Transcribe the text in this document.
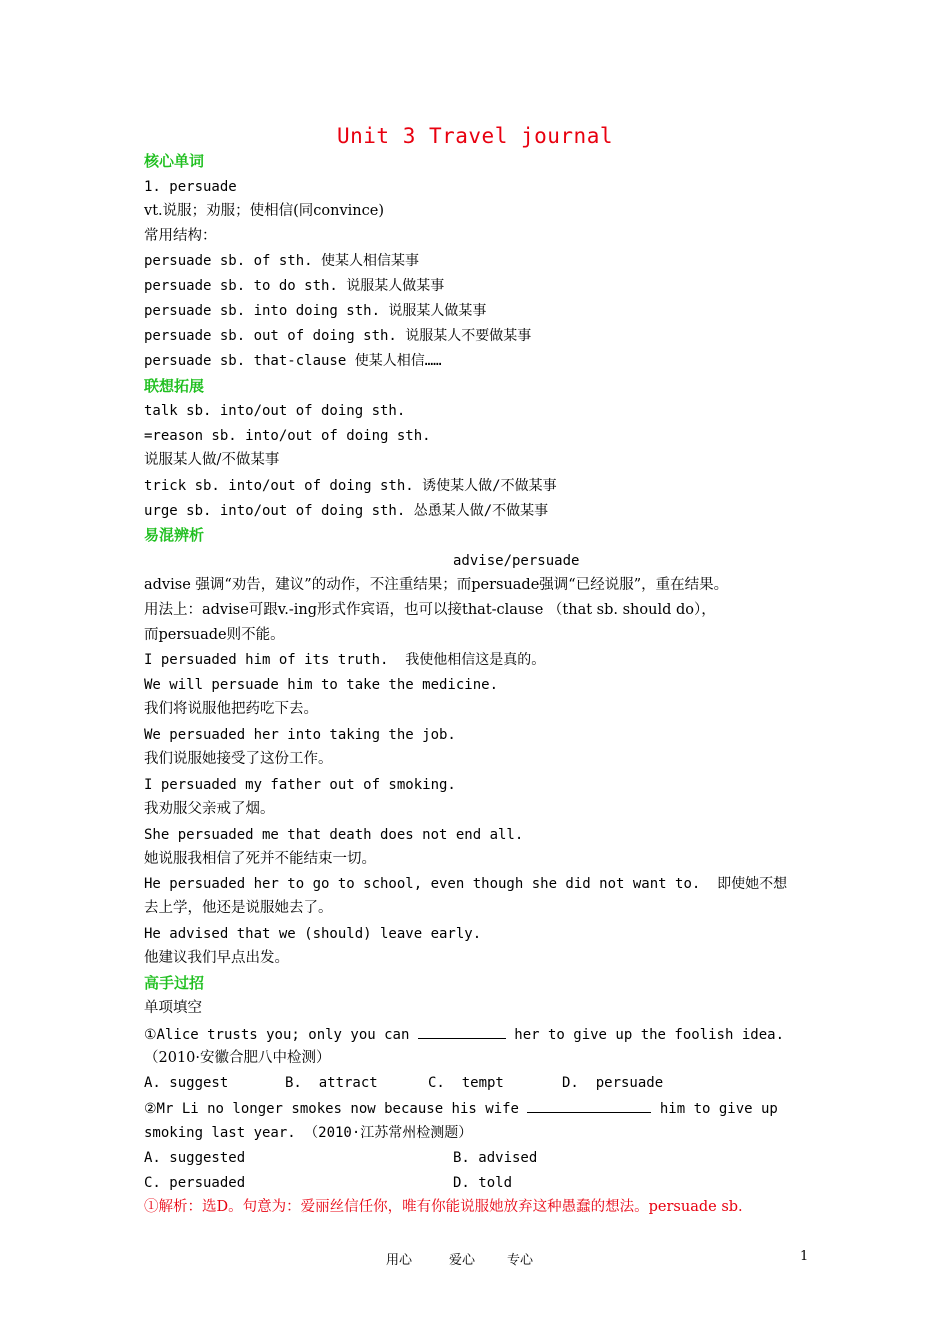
Unit 3 Travel journal
核心单词
1. persuade
vt.说服；劝服；使相信(同convince)
常用结构：
persuade sb. of sth. 使某人相信某事
persuade sb. to do sth. 说服某人做某事
persuade sb. into doing sth. 说服某人做某事
persuade sb. out of doing sth. 说服某人不要做某事
persuade sb. that-clause 使某人相信……
联想拓展
talk sb. into/out of doing sth.
=reason sb. into/out of doing sth.
说服某人做/不做某事
trick sb. into/out of doing sth. 诱使某人做/不做某事
urge sb. into/out of doing sth. 怂恿某人做/不做某事
易混辨析
advise/persuade
advise 强调“劝告，建议”的动作，不注重结果；而persuade强调“已经说服”，重在结果。
用法上：advise可跟v.-ing形式作宾语，也可以接that-clause （that sb. should do），
而persuade则不能。
I persuaded him of its truth.  我使他相信这是真的。
We will persuade him to take the medicine.
我们将说服他把药吃下去。
We persuaded her into taking the job.
我们说服她接受了这份工作。
I persuaded my father out of smoking.
我劝服父亲戒了烟。
She persuaded me that death does not end all.
她说服我相信了死并不能结束一切。
He persuaded her to go to school, even though she did not want to.  即使她不想
去上学，他还是说服她去了。
He advised that we (should) leave early.
他建议我们早点出发。
高手过招
单项填空
①Alice trusts you; only you can	her to give up the foolish idea.
（2010·安徽合肥八中检测）
A. suggest	B.  attract	C.  tempt	D.  persuade
②Mr Li no longer smokes now because his wife	him to give up
smoking last year. （2010·江苏常州检测题）
A. suggested	B. advised
C. persuaded	D. told
①解析：选D。句意为：爱丽丝信任你，唯有你能说服她放弃这种愚蠢的想法。persuade sb.
用心	爱心 专心	1
